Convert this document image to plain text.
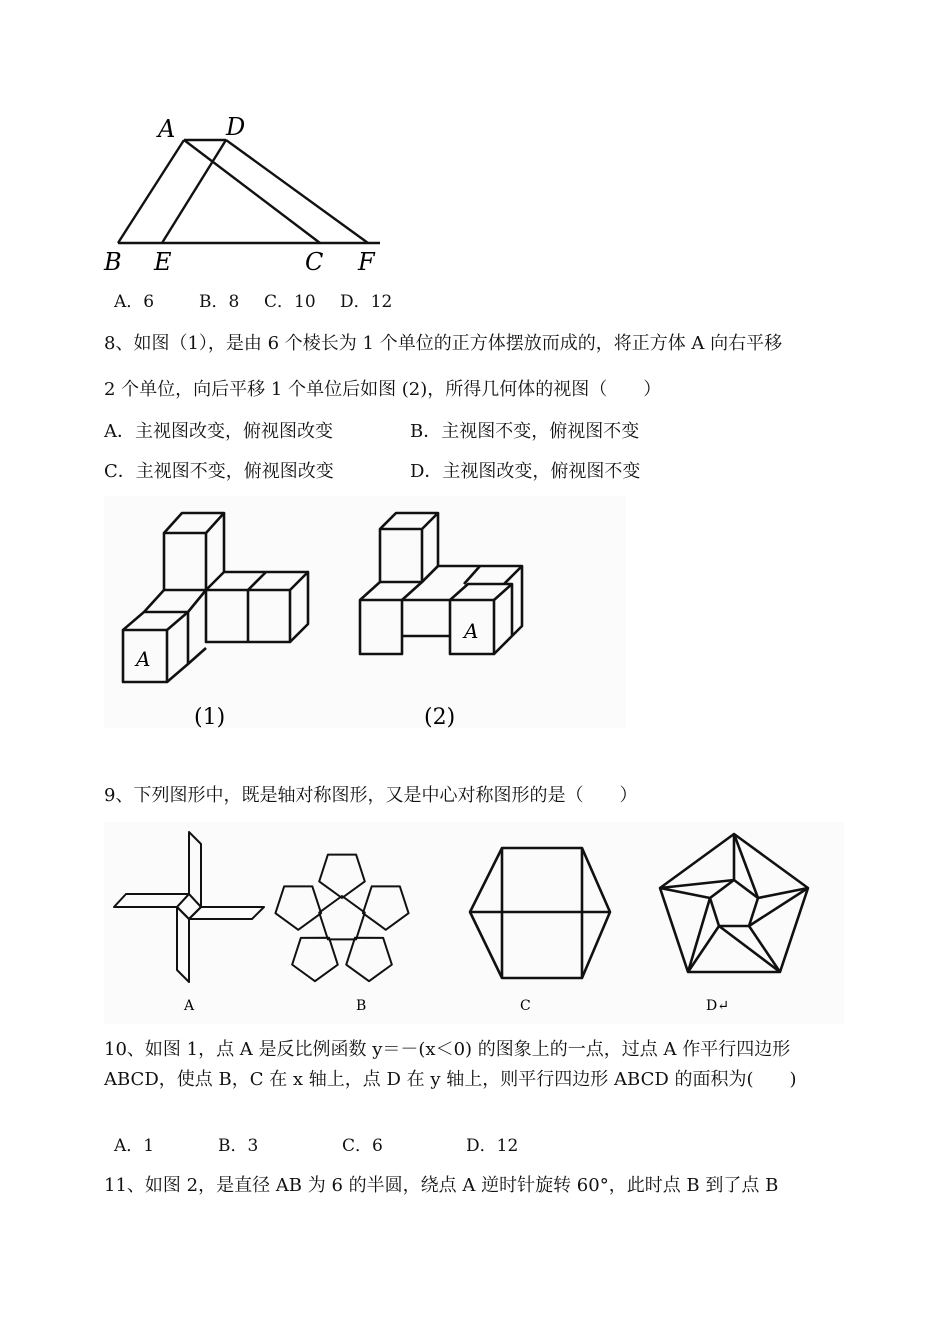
A D
B E	C F
A．6	B．8 C．10 D．12
8、如图（1），是由 6 个棱长为 1 个单位的正方体摆放而成的，将正方体 A 向右平移
2 个单位，向后平移 1 个单位后如图 (2)，所得几何体的视图（　　）
A．主视图改变，俯视图改变	B．主视图不变，俯视图不变
C．主视图不变，俯视图改变	D．主视图改变，俯视图不变
A
A
(1)	(2)
9、下列图形中，既是轴对称图形，又是中心对称图形的是（　　）
A	B	C	D↵
10、如图 1，点 A 是反比例函数 y＝－(x＜0) 的图象上的一点，过点 A 作平行四边形
ABCD，使点 B，C 在 x 轴上，点 D 在 y 轴上，则平行四边形 ABCD 的面积为(　　)
A．1	B．3	C．6	D．12
11、如图 2，是直径 AB 为 6 的半圆，绕点 A 逆时针旋转 60°，此时点 B 到了点 B
